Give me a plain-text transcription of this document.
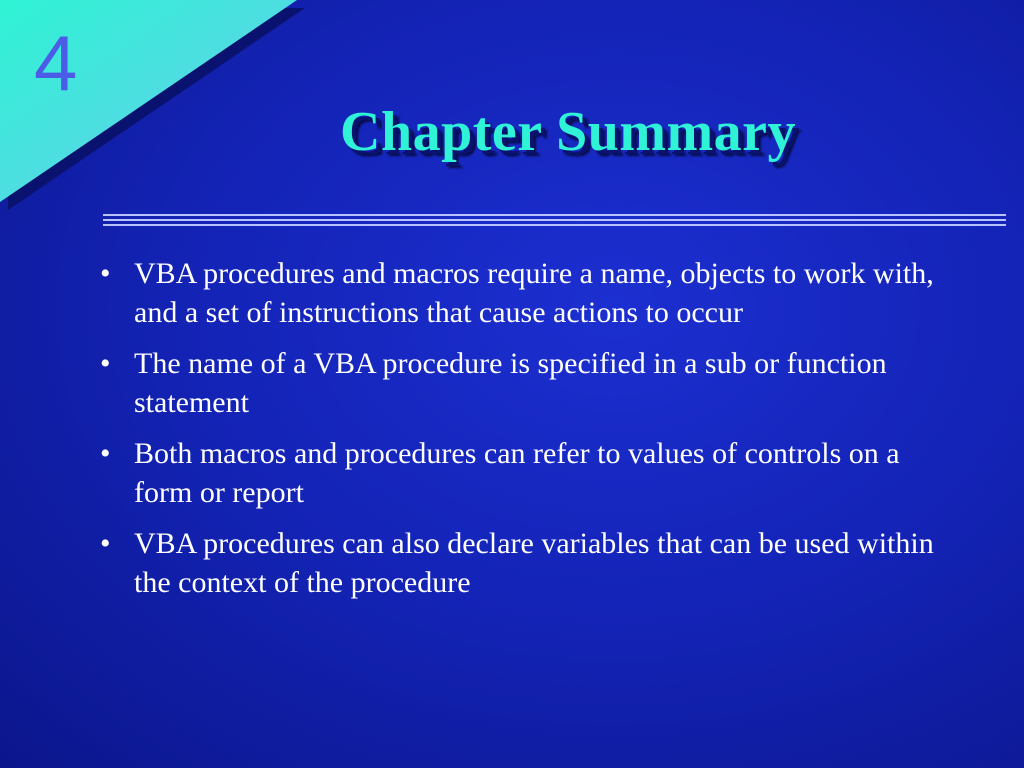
4
Chapter Summary
• VBA procedures and macros require a name, objects to work with, and a set of instructions that cause actions to occur
• The name of a VBA procedure is specified in a sub or function statement
• Both macros and procedures can refer to values of controls on a form or report
• VBA procedures can also declare variables that can be used within the context of the procedure
